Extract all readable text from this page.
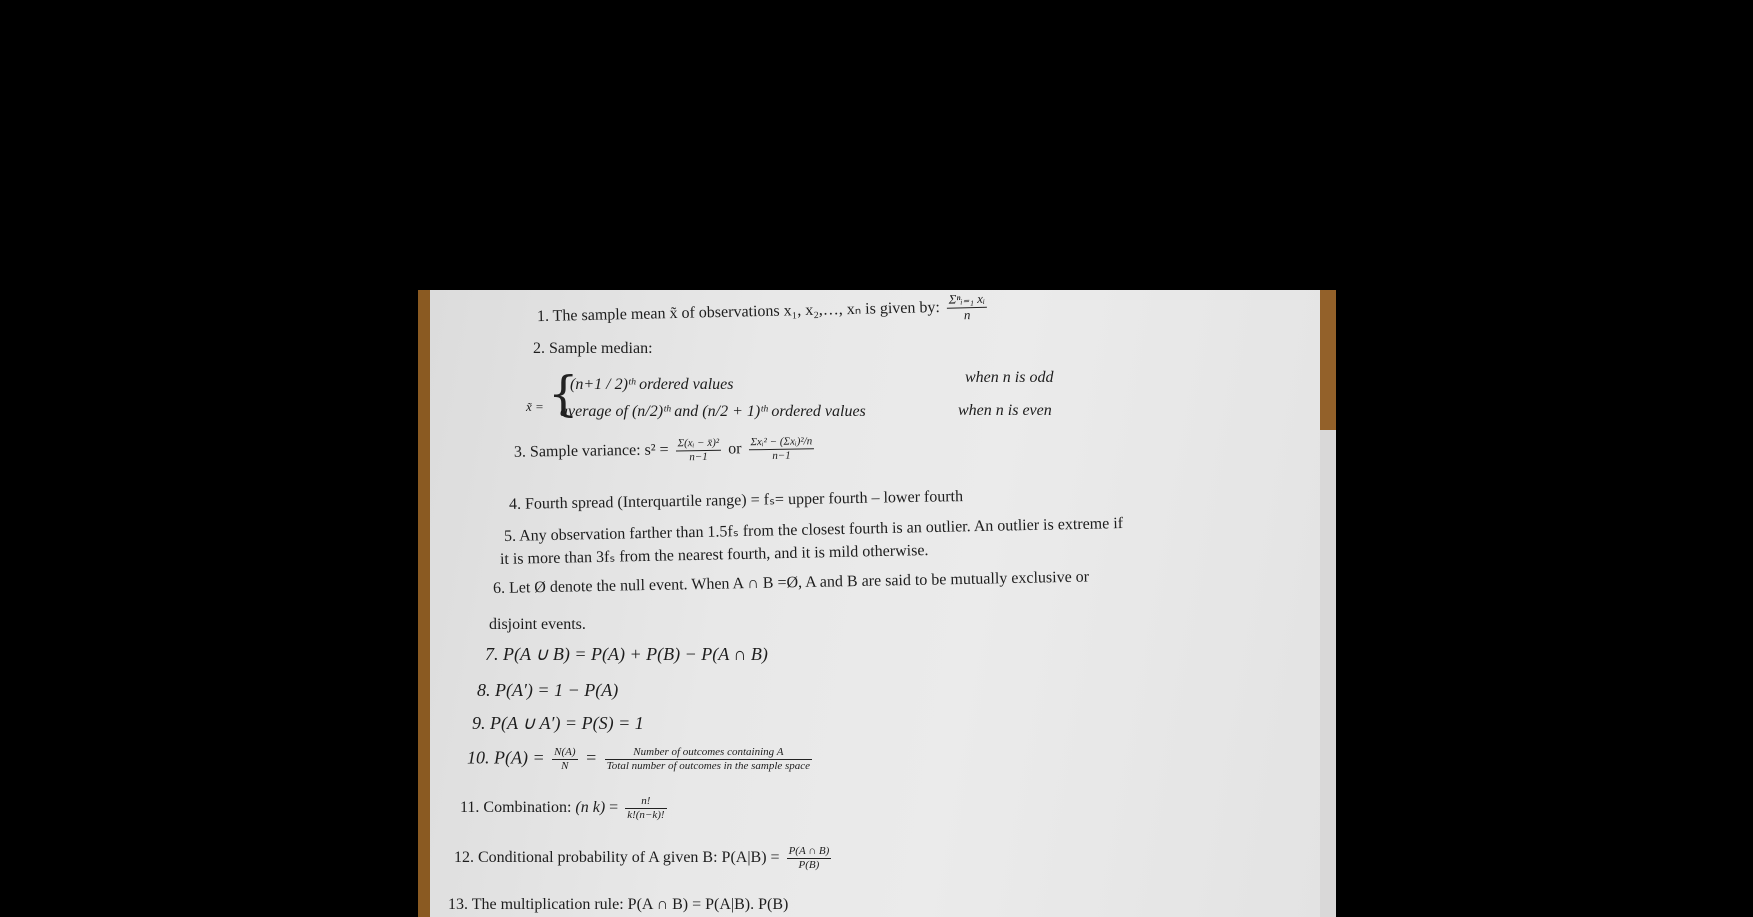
1. The sample mean x̃ of observations x₁, x₂,…, xₙ is given by: $\frac{\text{Σⁿᵢ₌₁ xᵢ}}{n}$
2. Sample median:
x̃ = {
(n+1 / 2)ᵗʰ ordered values	when n is odd
average of (n/2)ᵗʰ and (n/2 + 1)ᵗʰ ordered values	when n is even
3. Sample variance: $s^2 = \frac{\text{Σ(xᵢ − x̄)²}}{n-1}$ or $\frac{\text{Σxᵢ² − (Σxᵢ)²/n}}{n-1}$
4. Fourth spread (Interquartile range) = fₛ= upper fourth – lower fourth
5. Any observation farther than 1.5fₛ from the closest fourth is an outlier. An outlier is extreme if
it is more than 3fₛ from the nearest fourth, and it is mild otherwise.
6. Let Ø denote the null event. When A ∩ B =Ø, A and B are said to be mutually exclusive or
disjoint events.
7. P(A ∪ B) = P(A) + P(B) − P(A ∩ B)
8. P(A′) = 1 − P(A)
9. P(A ∪ A′) = P(S) = 1
10. $P(A) = \frac{N(A)}{N} = \frac{\text{Number of outcomes containing A}}{\text{Total number of outcomes in the sample space}}$
11. Combination: (n $k) = \frac{n!}{k!(n-k)!}$
12. Conditional probability of A given B: $P(A|B) = \frac{P(A \cap B)}{P(B)}$
13. The multiplication rule: P(A ∩ B) = P(A|B). P(B)
